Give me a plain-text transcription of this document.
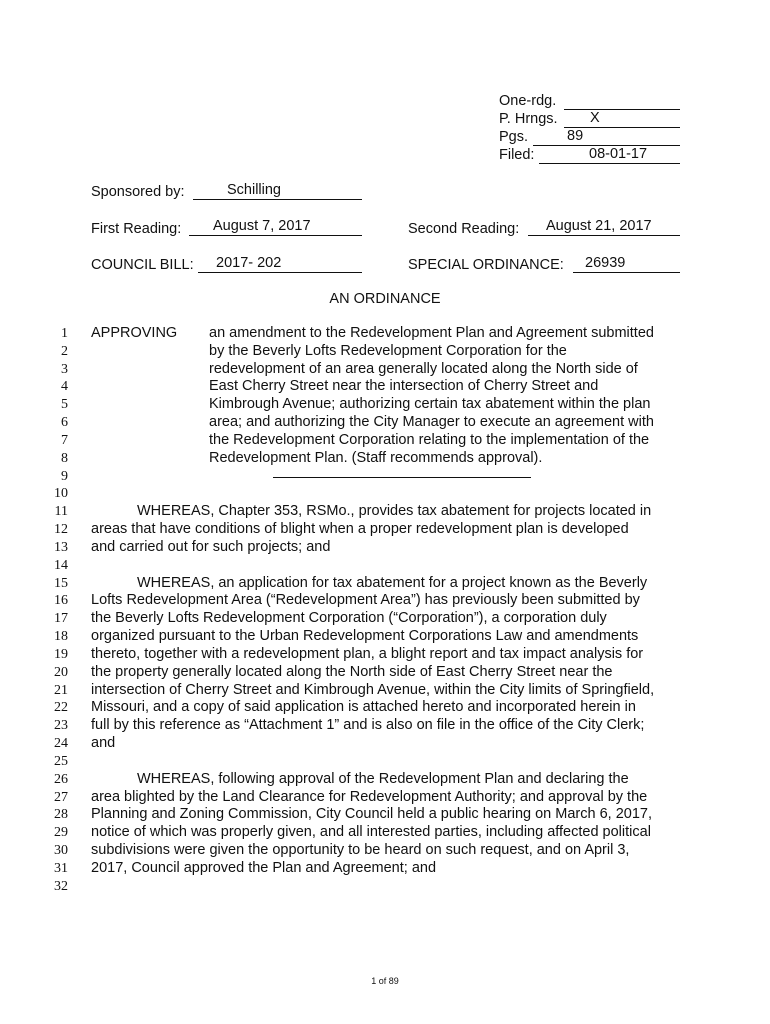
One-rdg.
P. Hrngs. X
Pgs.	89
Filed:	08-01-17
Sponsored by:	Schilling
First Reading: August 7, 2017	Second Reading: August 21, 2017
COUNCIL BILL: 2017- 202	SPECIAL ORDINANCE: 26939
AN ORDINANCE
1
2
3
4
5
6
7
8
9
10
11
12
13
14
15
16
17
18
19
20
21
22
23
24
25
26
27
28
29
30
31
32
APPROVING an amendment to the Redevelopment Plan and Agreement submitted
by the Beverly Lofts Redevelopment Corporation for the
redevelopment of an area generally located along the North side of
East Cherry Street near the intersection of Cherry Street and
Kimbrough Avenue; authorizing certain tax abatement within the plan
area; and authorizing the City Manager to execute an agreement with
the Redevelopment Corporation relating to the implementation of the
Redevelopment Plan. (Staff recommends approval).
WHEREAS, Chapter 353, RSMo., provides tax abatement for projects located in
areas that have conditions of blight when a proper redevelopment plan is developed
and carried out for such projects; and
WHEREAS, an application for tax abatement for a project known as the Beverly
Lofts Redevelopment Area (“Redevelopment Area”) has previously been submitted by
the Beverly Lofts Redevelopment Corporation (“Corporation”), a corporation duly
organized pursuant to the Urban Redevelopment Corporations Law and amendments
thereto, together with a redevelopment plan, a blight report and tax impact analysis for
the property generally located along the North side of East Cherry Street near the
intersection of Cherry Street and Kimbrough Avenue, within the City limits of Springfield,
Missouri, and a copy of said application is attached hereto and incorporated herein in
full by this reference as “Attachment 1” and is also on file in the office of the City Clerk;
and
WHEREAS, following approval of the Redevelopment Plan and declaring the
area blighted by the Land Clearance for Redevelopment Authority; and approval by the
Planning and Zoning Commission, City Council held a public hearing on March 6, 2017,
notice of which was properly given, and all interested parties, including affected political
subdivisions were given the opportunity to be heard on such request, and on April 3,
2017, Council approved the Plan and Agreement; and
1 of 89
